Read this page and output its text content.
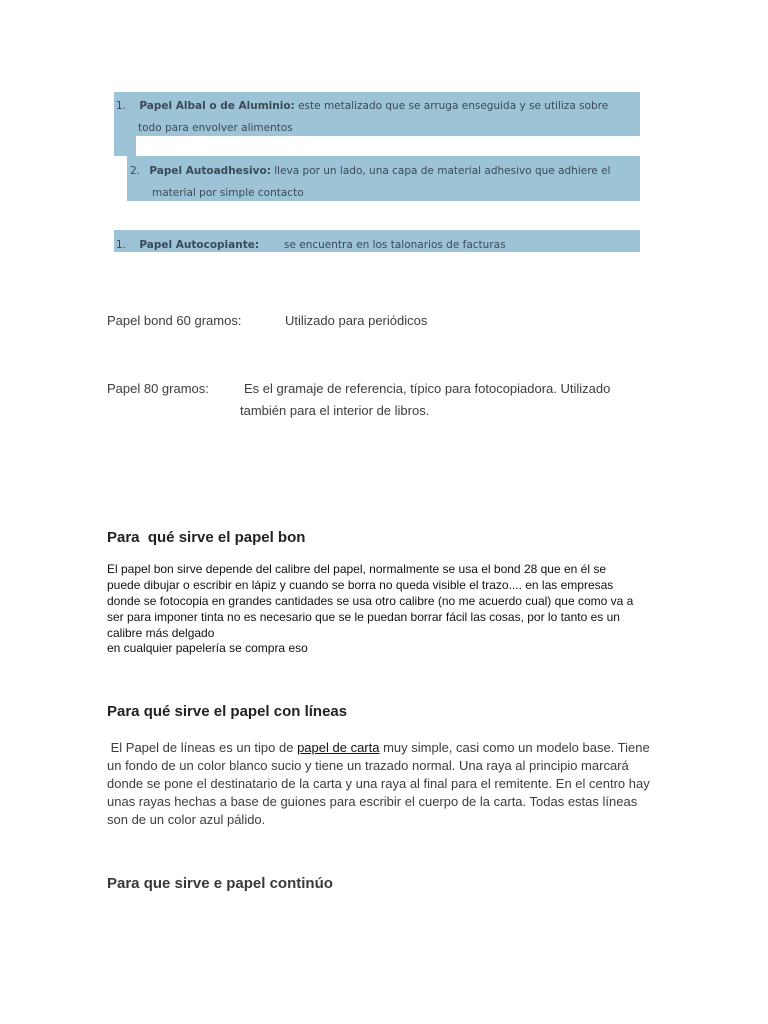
1. Papel Albal o de Aluminio: este metalizado que se arruga enseguida y se utiliza sobre
todo para envolver alimentos
2. Papel Autoadhesivo: lleva por un lado, una capa de material adhesivo que adhiere el
material por simple contacto
1. Papel Autocopiante: se encuentra en los talonarios de facturas
Papel bond 60 gramos:	Utilizado para periódicos
Papel 80 gramos:	Es el gramaje de referencia, típico para fotocopiadora. Utilizado
también para el interior de libros.
Para  qué sirve el papel bon
El papel bon sirve depende del calibre del papel, normalmente se usa el bond 28 que en él se
puede dibujar o escribir en lápiz y cuando se borra no queda visible el trazo.... en las empresas
donde se fotocopia en grandes cantidades se usa otro calibre (no me acuerdo cual) que como va a
ser para imponer tinta no es necesario que se le puedan borrar fácil las cosas, por lo tanto es un
calibre más delgado
en cualquier papelería se compra eso
Para qué sirve el papel con líneas
El Papel de líneas es un tipo de papel de carta muy simple, casi como un modelo base. Tiene
un fondo de un color blanco sucio y tiene un trazado normal. Una raya al principio marcará
donde se pone el destinatario de la carta y una raya al final para el remitente. En el centro hay
unas rayas hechas a base de guiones para escribir el cuerpo de la carta. Todas estas líneas
son de un color azul pálido.
Para que sirve e papel continúo
